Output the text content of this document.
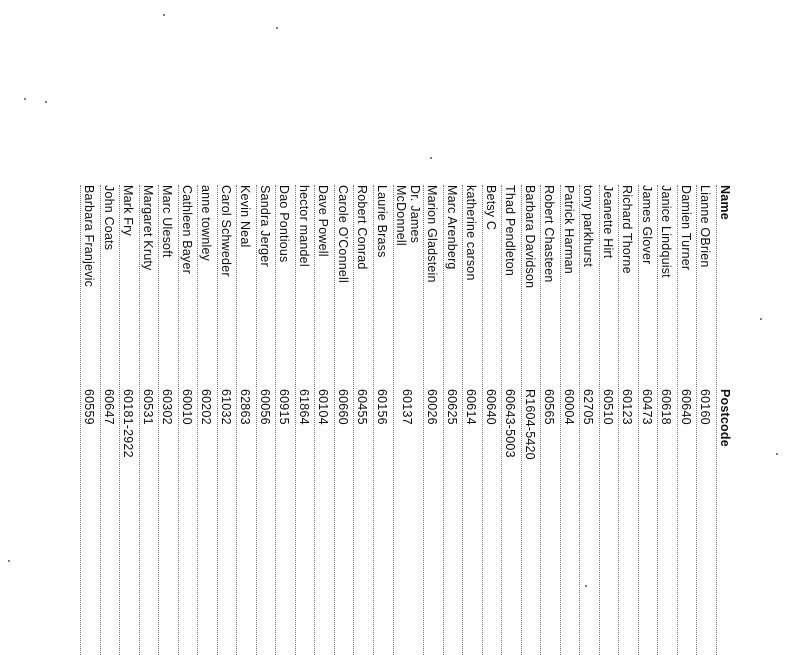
Name
Postcode
Lianne OBrien
60160
Damien Turner
60640
Janice Lindquist
60618
James Glover
60473
Richard Thorne
60123
Jeanette Hirt
60510
tony parkhurst
62705
Patrick Harman
60004
Robert Chasteen
60565
Barbara Davidson
R1604-5420
Thad Pendleton
60643-5003
Betsy C
60640
katherine carson
60614
Marc Arenberg
60625
Marion Gladstein
60026
Dr. James McDonnell
60137
Laurie Brass
60156
Robert Conrad
60455
Carole O'Connell
60660
Dave Powell
60104
hector mandel
61864
Dao Pontious
60915
Sandra Jerger
60056
Kevin Neal
62863
Carol Schweder
61032
anne townley
60202
Cathleen Bayer
60010
Marc Ulesoft
60302
Margaret Kruty
60531
Mark Fry
60181-2922
John Coats
60647
Barbara Franjevic
60559
